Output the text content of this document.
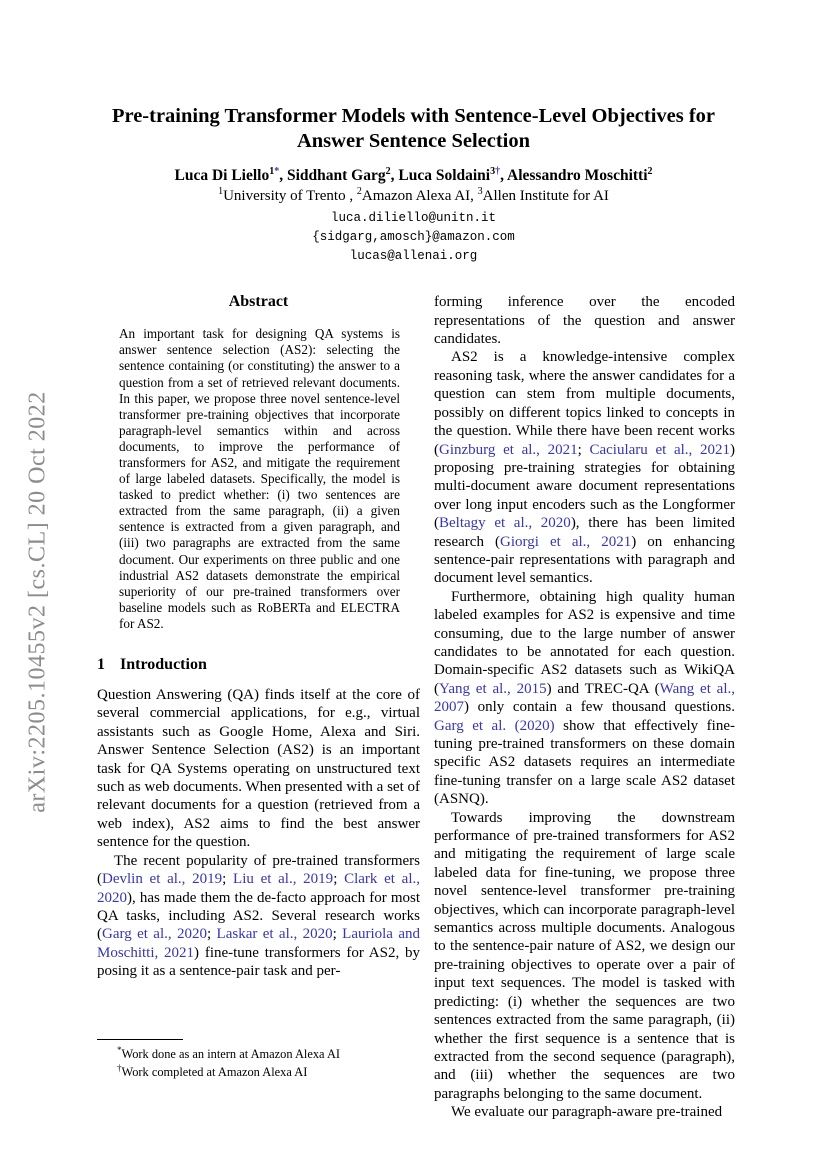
arXiv:2205.10455v2 [cs.CL] 20 Oct 2022
Pre-training Transformer Models with Sentence-Level Objectives for Answer Sentence Selection
Luca Di Liello$^{1*}$, Siddhant Garg$^2$, Luca Soldaini$^{3\dagger}$, Alessandro Moschitti$^2$
$^1$University of Trento , $^2$Amazon Alexa AI, $^3$Allen Institute for AI
luca.diliello@unitn.it
{sidgarg,amosch}@amazon.com
lucas@allenai.org
Abstract
An important task for designing QA systems is answer sentence selection (AS2): selecting the sentence containing (or constituting) the answer to a question from a set of retrieved relevant documents. In this paper, we propose three novel sentence-level transformer pre-training objectives that incorporate paragraph-level semantics within and across documents, to improve the performance of transformers for AS2, and mitigate the requirement of large labeled datasets. Specifically, the model is tasked to predict whether: (i) two sentences are extracted from the same paragraph, (ii) a given sentence is extracted from a given paragraph, and (iii) two paragraphs are extracted from the same document. Our experiments on three public and one industrial AS2 datasets demonstrate the empirical superiority of our pre-trained transformers over baseline models such as RoBERTa and ELECTRA for AS2.
1 Introduction

Question Answering (QA) finds itself at the core of several commercial applications, for e.g., virtual assistants such as Google Home, Alexa and Siri. Answer Sentence Selection (AS2) is an important task for QA Systems operating on unstructured text such as web documents. When presented with a set of relevant documents for a question (retrieved from a web index), AS2 aims to find the best answer sentence for the question.

The recent popularity of pre-trained transformers (Devlin et al., 2019; Liu et al., 2019; Clark et al., 2020), has made them the de-facto approach for most QA tasks, including AS2. Several research works (Garg et al., 2020; Laskar et al., 2020; Lauriola and Moschitti, 2021) fine-tune transformers for AS2, by posing it as a sentence-pair task and per-

forming inference over the encoded representations of the question and answer candidates.

AS2 is a knowledge-intensive complex reasoning task, where the answer candidates for a question can stem from multiple documents, possibly on different topics linked to concepts in the question. While there have been recent works (Ginzburg et al., 2021; Caciularu et al., 2021) proposing pre-training strategies for obtaining multi-document aware document representations over long input encoders such as the Longformer (Beltagy et al., 2020), there has been limited research (Giorgi et al., 2021) on enhancing sentence-pair representations with paragraph and document level semantics.

Furthermore, obtaining high quality human labeled examples for AS2 is expensive and time consuming, due to the large number of answer candidates to be annotated for each question. Domain-specific AS2 datasets such as WikiQA (Yang et al., 2015) and TREC-QA (Wang et al., 2007) only contain a few thousand questions. Garg et al. (2020) show that effectively fine-tuning pre-trained transformers on these domain specific AS2 datasets requires an intermediate fine-tuning transfer on a large scale AS2 dataset (ASNQ).

Towards improving the downstream performance of pre-trained transformers for AS2 and mitigating the requirement of large scale labeled data for fine-tuning, we propose three novel sentence-level transformer pre-training objectives, which can incorporate paragraph-level semantics across multiple documents. Analogous to the sentence-pair nature of AS2, we design our pre-training objectives to operate over a pair of input text sequences. The model is tasked with predicting: (i) whether the sequences are two sentences extracted from the same paragraph, (ii) whether the first sequence is a sentence that is extracted from the second sequence (paragraph), and (iii) whether the sequences are two paragraphs belonging to the same document.

We evaluate our paragraph-aware pre-trained

*Work done as an intern at Amazon Alexa AI
†Work completed at Amazon Alexa AI
